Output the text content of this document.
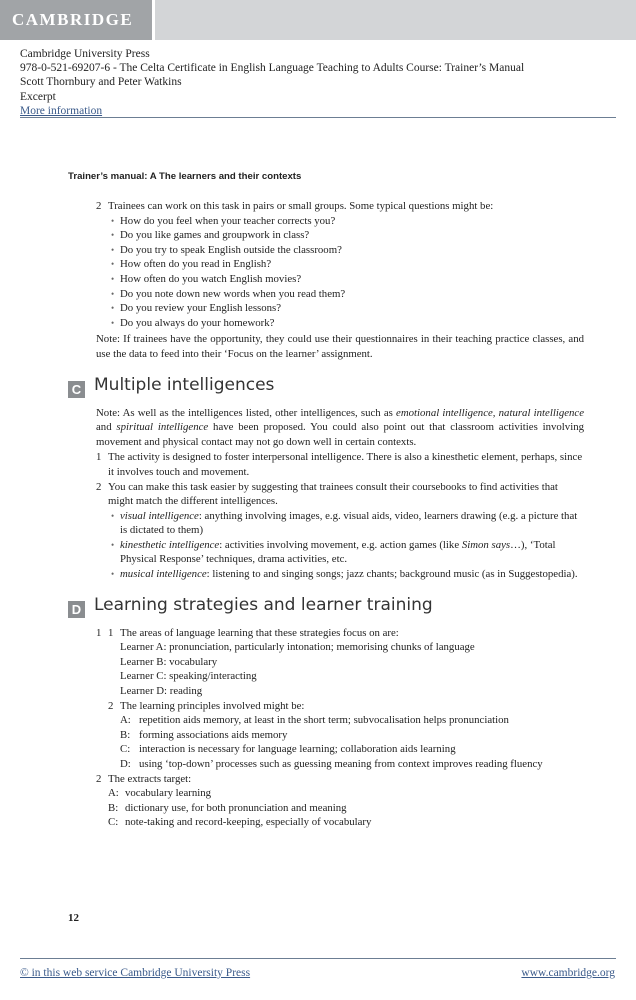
CAMBRIDGE
Cambridge University Press
978-0-521-69207-6 - The Celta Certificate in English Language Teaching to Adults Course: Trainer’s Manual
Scott Thornbury and Peter Watkins
Excerpt
More information
Trainer’s manual: A The learners and their contexts
2 Trainees can work on this task in pairs or small groups. Some typical questions might be:
• How do you feel when your teacher corrects you?
• Do you like games and groupwork in class?
• Do you try to speak English outside the classroom?
• How often do you read in English?
• How often do you watch English movies?
• Do you note down new words when you read them?
• Do you review your English lessons?
• Do you always do your homework?
Note: If trainees have the opportunity, they could use their questionnaires in their teaching practice classes, and use the data to feed into their ‘Focus on the learner’ assignment.
C Multiple intelligences
Note: As well as the intelligences listed, other intelligences, such as emotional intelligence, natural intelligence and spiritual intelligence have been proposed. You could also point out that classroom activities involving movement and physical contact may not go down well in certain contexts.
1 The activity is designed to foster interpersonal intelligence. There is also a kinesthetic element, perhaps, since it involves touch and movement.
2 You can make this task easier by suggesting that trainees consult their coursebooks to find activities that might match the different intelligences.
• visual intelligence: anything involving images, e.g. visual aids, video, learners drawing (e.g. a picture that is dictated to them)
• kinesthetic intelligence: activities involving movement, e.g. action games (like Simon says…), ‘Total Physical Response’ techniques, drama activities, etc.
• musical intelligence: listening to and singing songs; jazz chants; background music (as in Suggestopedia).
D Learning strategies and learner training
1 1 The areas of language learning that these strategies focus on are:
Learner A: pronunciation, particularly intonation; memorising chunks of language
Learner B: vocabulary
Learner C: speaking/interacting
Learner D: reading
2 The learning principles involved might be:
A: repetition aids memory, at least in the short term; subvocalisation helps pronunciation
B: forming associations aids memory
C: interaction is necessary for language learning; collaboration aids learning
D: using ‘top-down’ processes such as guessing meaning from context improves reading fluency
2 The extracts target:
A: vocabulary learning
B: dictionary use, for both pronunciation and meaning
C: note-taking and record-keeping, especially of vocabulary
12
© in this web service Cambridge University Press	www.cambridge.org
